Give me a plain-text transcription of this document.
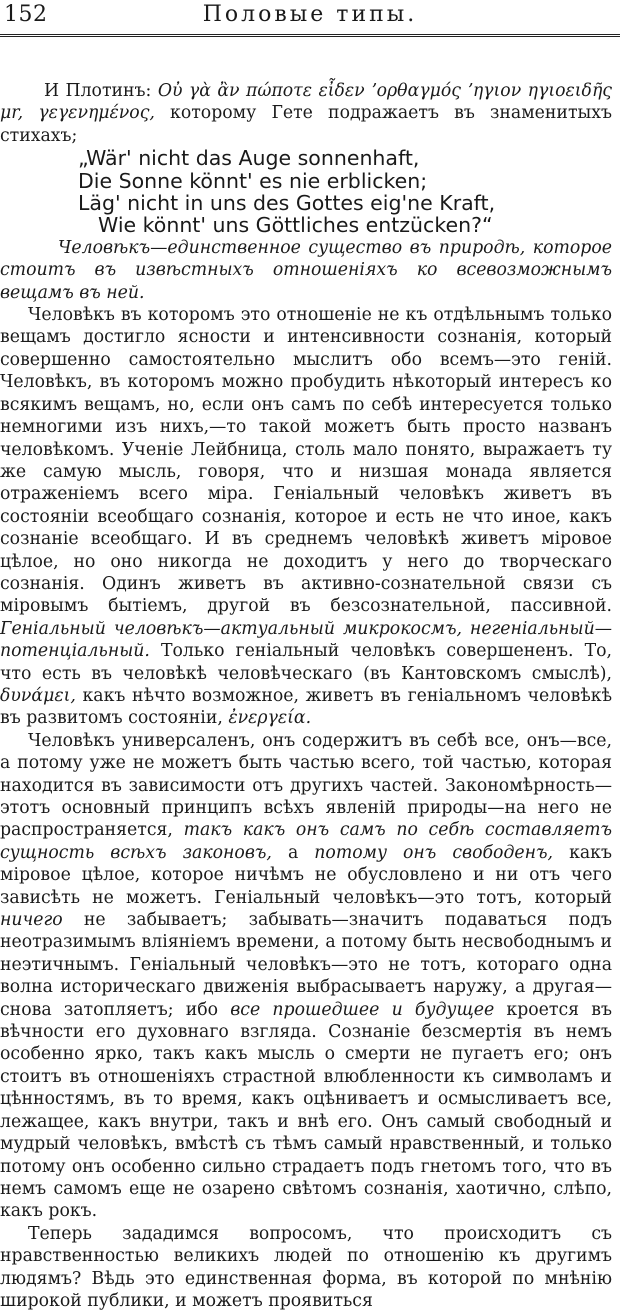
152	Половые типы.

И Плотинъ: Οὐ γὰ ἂν πώποτε εἶδεν ʼορθαγμός ʼηγιον ηγιοειδῆς μr, γεγενημένος, которому Гете подражаетъ въ знаменитыхъ стихахъ;

„Wär' nicht das Auge sonnenhaft,
Die Sonne könnt' es nie erblicken;
Läg' nicht in uns des Gottes eig'ne Kraft,
Wie könnt' uns Göttliches entzücken?“

Человѣкъ—единственное существо въ природѣ, которое стоитъ въ извѣстныхъ отношеніяхъ ко всевозможнымъ вещамъ въ ней.

Человѣкъ въ которомъ это отношеніе не къ отдѣльнымъ только вещамъ достигло ясности и интенсивности сознанія, который совершенно самостоятельно мыслитъ обо всемъ—это геній. Человѣкъ, въ которомъ можно пробудить нѣкоторый интересъ ко всякимъ вещамъ, но, если онъ самъ по себѣ интересуется только немногими изъ нихъ,—то такой можетъ быть просто названъ человѣкомъ. Ученіе Лейбница, столь мало понято, выражаетъ ту же самую мысль, говоря, что и низшая монада является отраженіемъ всего міра. Геніальный человѣкъ живетъ въ состояніи всеобщаго сознанія, которое и есть не что иное, какъ сознаніе всеобщаго. И въ среднемъ человѣкѣ живетъ міровое цѣлое, но оно никогда не доходитъ у него до творческаго сознанія. Одинъ живетъ въ активно-сознательной связи съ міровымъ бытіемъ, другой въ безсознательной, пассивной. Геніальный человѣкъ—актуальный микрокосмъ, негеніальный—потенціальный. Только геніальный человѣкъ совершененъ. То, что есть въ человѣкѣ человѣческаго (въ Кантовскомъ смыслѣ), δυνάμει, какъ нѣчто возможное, живетъ въ геніальномъ человѣкѣ въ развитомъ состояніи, ἐνεργεία.

Человѣкъ универсаленъ, онъ содержитъ въ себѣ все, онъ—все, а потому уже не можетъ быть частью всего, той частью, которая находится въ зависимости отъ другихъ частей. Закономѣрность—этотъ основный принципъ всѣхъ явленій природы—на него не распространяется, такъ какъ онъ самъ по себѣ составляетъ сущность всѣхъ законовъ, а потому онъ свободенъ, какъ міровое цѣлое, которое ничѣмъ не обусловлено и ни отъ чего зависѣть не можетъ. Геніальный человѣкъ—это тотъ, который ничего не забываетъ; забывать—значитъ подаваться подъ неотразимымъ вліяніемъ времени, а потому быть несвободнымъ и неэтичнымъ. Геніальный человѣкъ—это не тотъ, котораго одна волна историческаго движенія выбрасываетъ наружу, а другая—снова затопляетъ; ибо все прошедшее и будущее кроется въ вѣчности его духовнаго взгляда. Сознаніе безсмертія въ немъ особенно ярко, такъ какъ мысль о смерти не пугаетъ его; онъ стоитъ въ отношеніяхъ страстной влюбленности къ символамъ и цѣнностямъ, въ то время, какъ оцѣниваетъ и осмысливаетъ все, лежащее, какъ внутри, такъ и внѣ его. Онъ самый свободный и мудрый человѣкъ, вмѣстѣ съ тѣмъ самый нравственный, и только потому онъ особенно сильно страдаетъ подъ гнетомъ того, что въ немъ самомъ еще не озарено свѣтомъ сознанія, хаотично, слѣпо, какъ рокъ.

Теперь зададимся вопросомъ, что происходитъ съ нравственностью великихъ людей по отношенію къ другимъ людямъ? Вѣдь это единственная форма, въ которой по мнѣнію широкой публики, и можетъ проявиться
